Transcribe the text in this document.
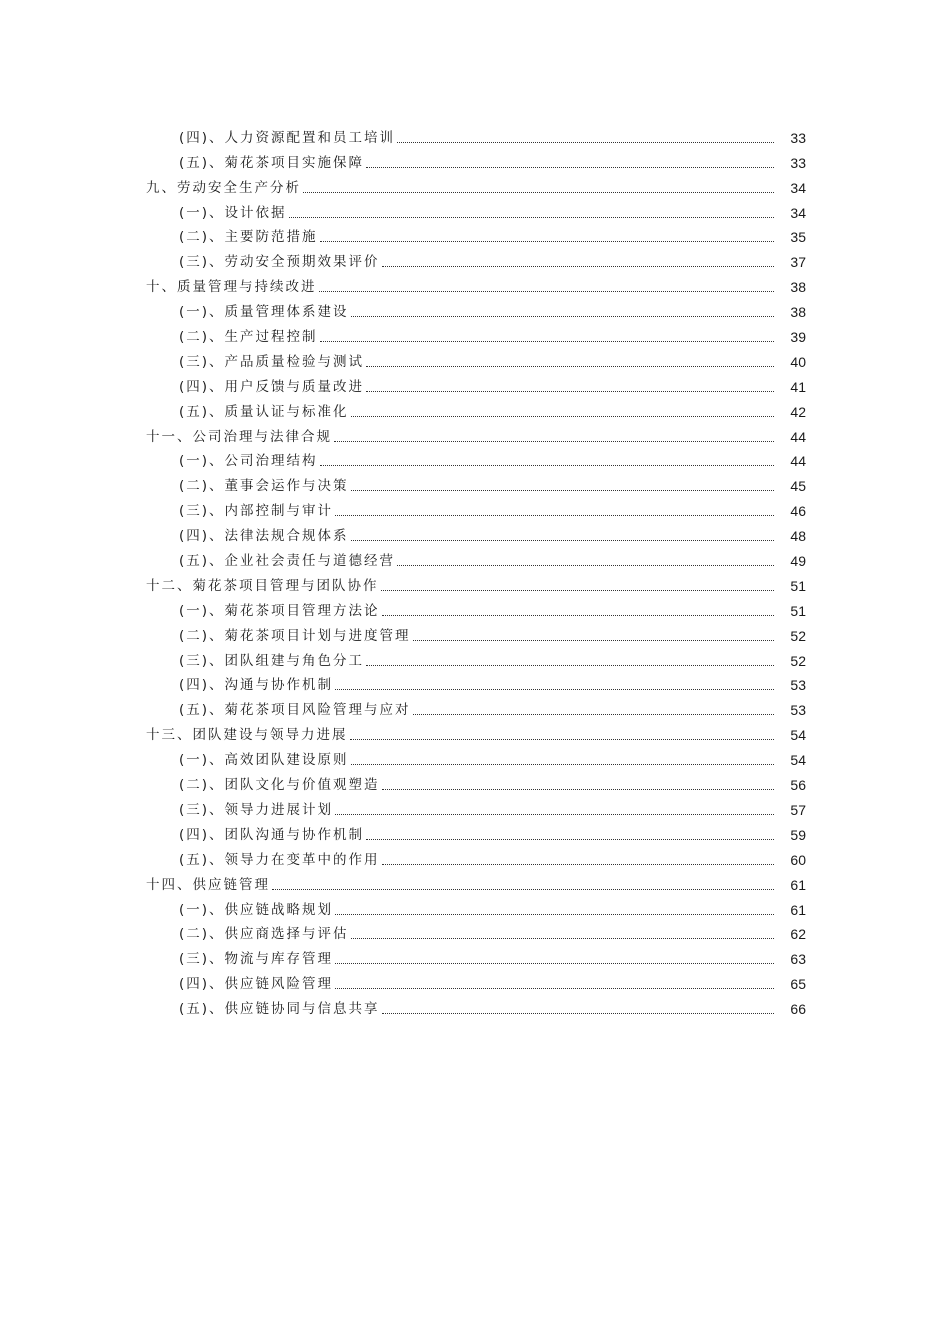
(四)、人力资源配置和员工培训	33
(五)、菊花茶项目实施保障	33
九、劳动安全生产分析	34
(一)、设计依据	34
(二)、主要防范措施	35
(三)、劳动安全预期效果评价	37
十、质量管理与持续改进	38
(一)、质量管理体系建设	38
(二)、生产过程控制	39
(三)、产品质量检验与测试	40
(四)、用户反馈与质量改进	41
(五)、质量认证与标准化	42
十一、公司治理与法律合规	44
(一)、公司治理结构	44
(二)、董事会运作与决策	45
(三)、内部控制与审计	46
(四)、法律法规合规体系	48
(五)、企业社会责任与道德经营	49
十二、菊花茶项目管理与团队协作	51
(一)、菊花茶项目管理方法论	51
(二)、菊花茶项目计划与进度管理	52
(三)、团队组建与角色分工	52
(四)、沟通与协作机制	53
(五)、菊花茶项目风险管理与应对	53
十三、团队建设与领导力进展	54
(一)、高效团队建设原则	54
(二)、团队文化与价值观塑造	56
(三)、领导力进展计划	57
(四)、团队沟通与协作机制	59
(五)、领导力在变革中的作用	60
十四、供应链管理	61
(一)、供应链战略规划	61
(二)、供应商选择与评估	62
(三)、物流与库存管理	63
(四)、供应链风险管理	65
(五)、供应链协同与信息共享	66
